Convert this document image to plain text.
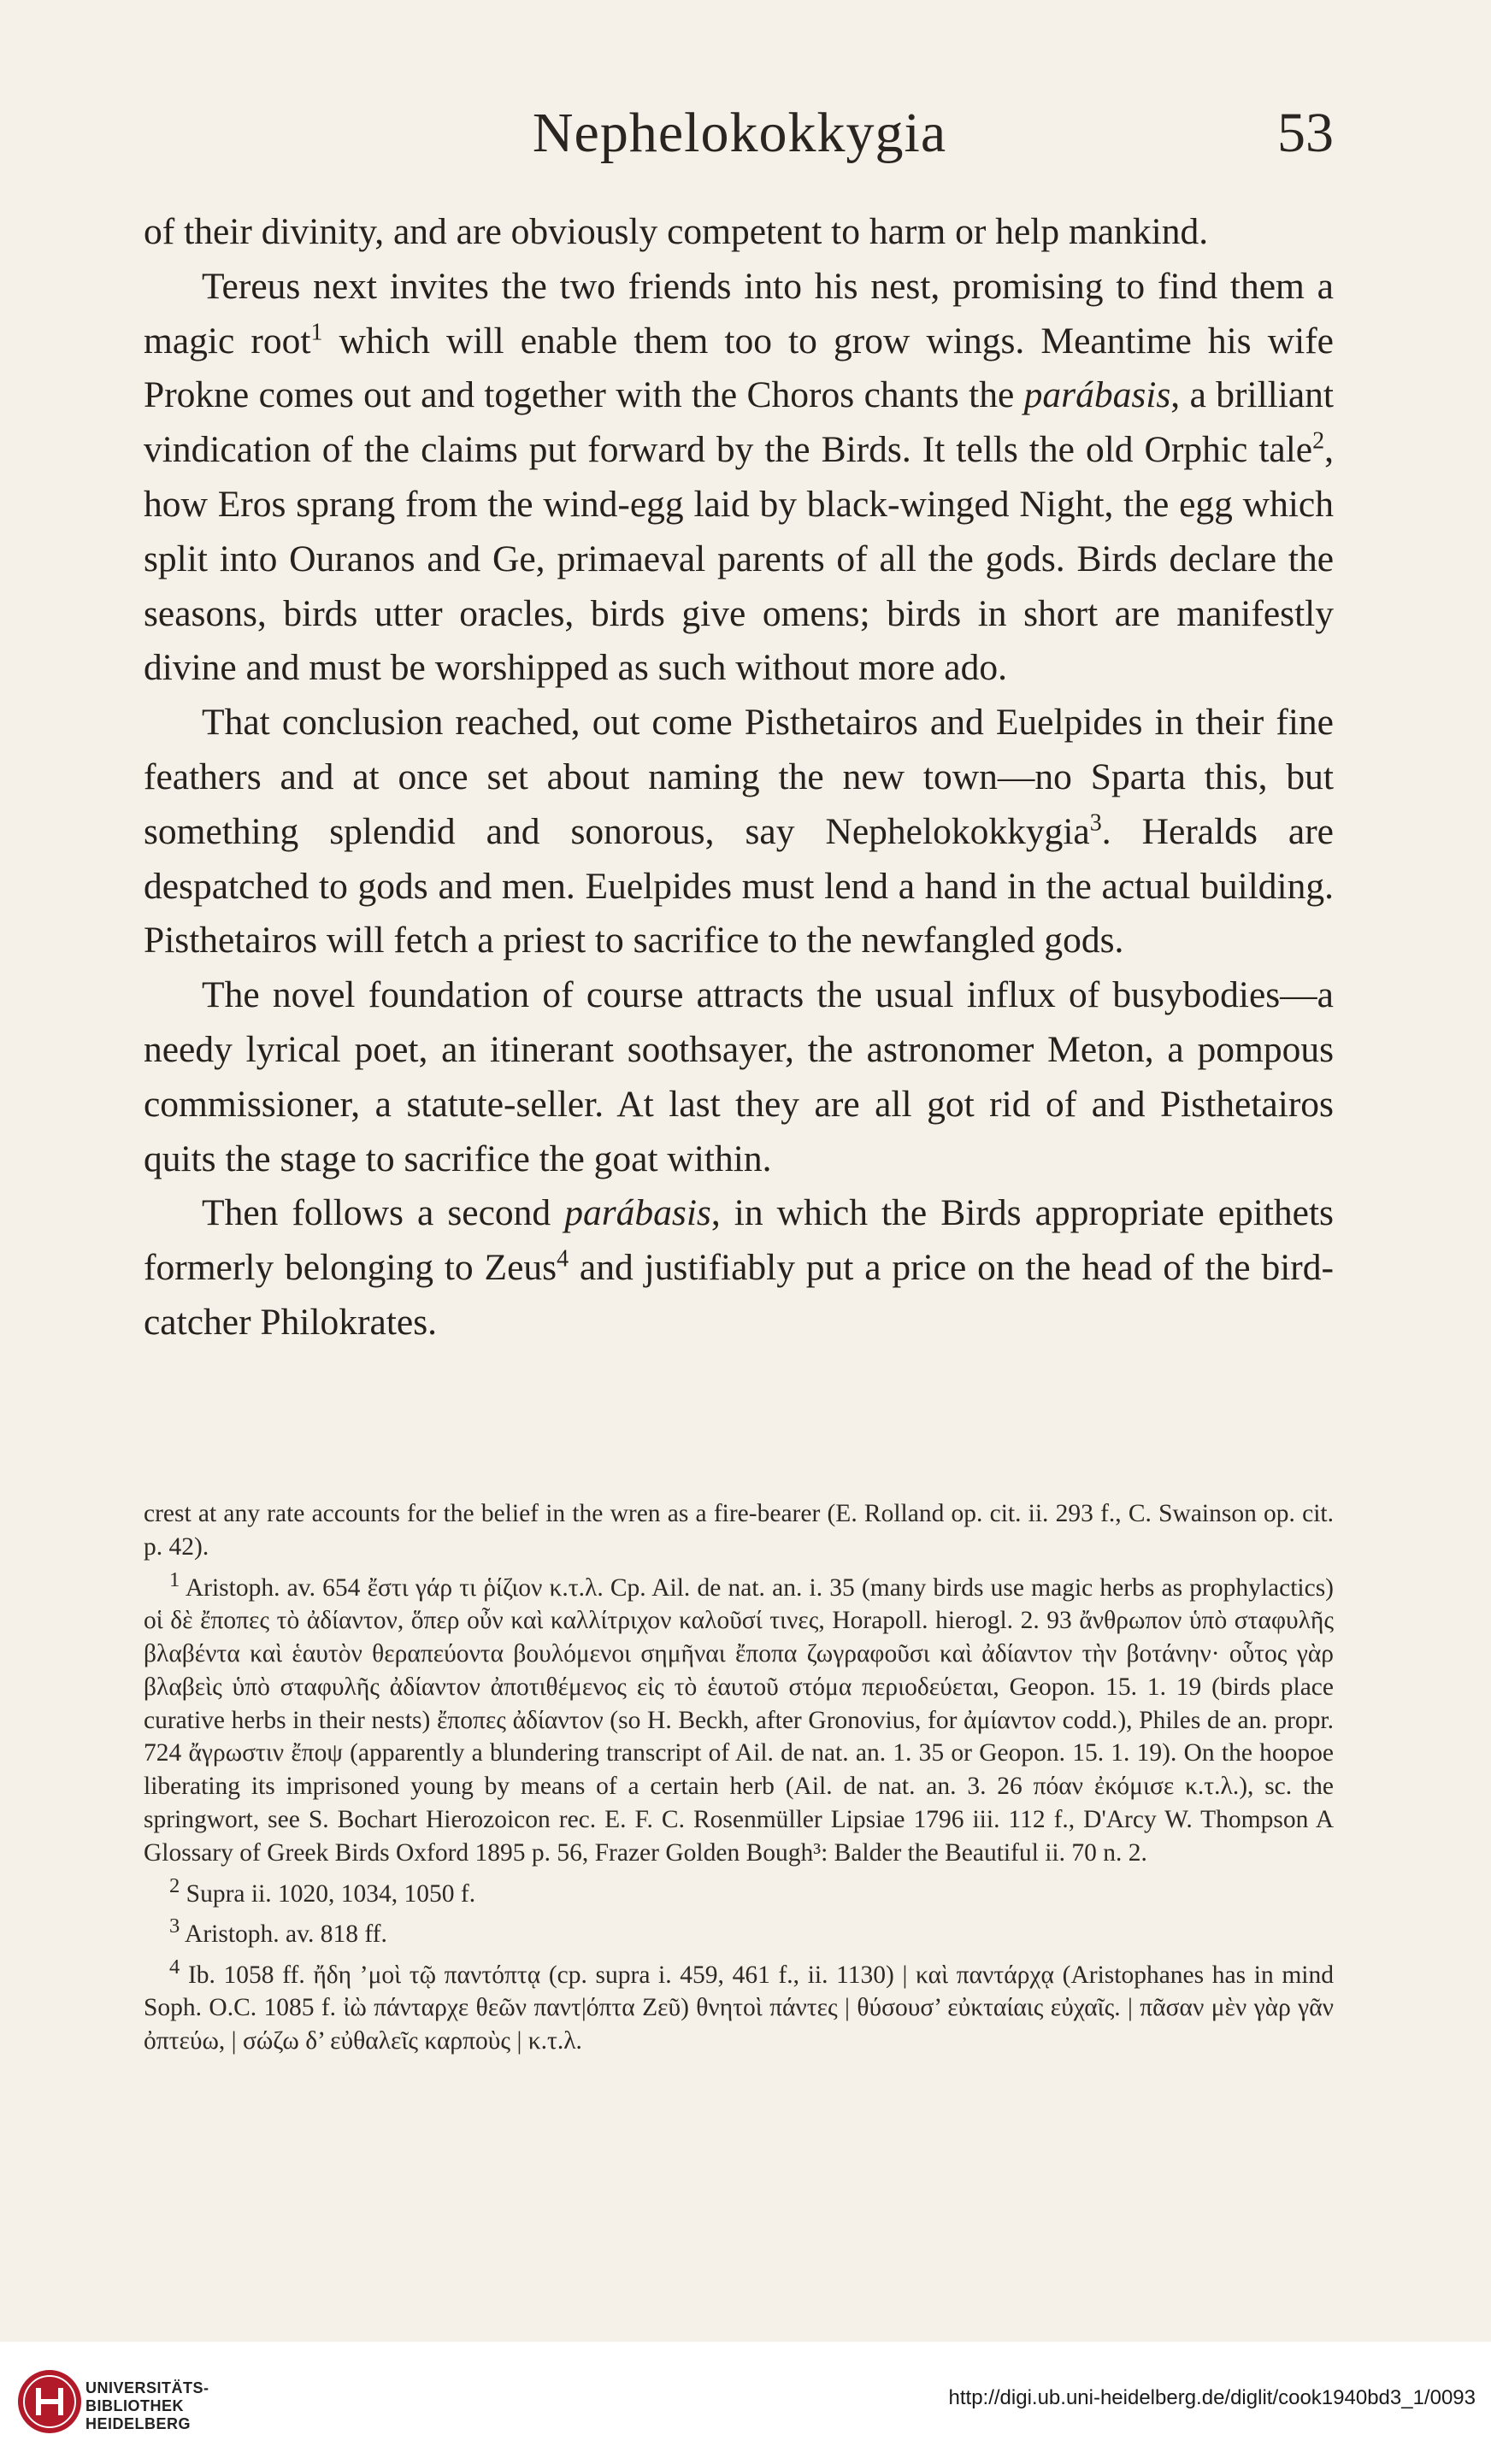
Nephelokokkygia	53

of their divinity, and are obviously competent to harm or help mankind.

Tereus next invites the two friends into his nest, promising to find them a magic root$^1$ which will enable them too to grow wings. Meantime his wife Prokne comes out and together with the Choros chants the parábasis, a brilliant vindication of the claims put forward by the Birds. It tells the old Orphic tale$^2$, how Eros sprang from the wind-egg laid by black-winged Night, the egg which split into Ouranos and Ge, primaeval parents of all the gods. Birds declare the seasons, birds utter oracles, birds give omens; birds in short are manifestly divine and must be worshipped as such without more ado.

That conclusion reached, out come Pisthetairos and Euelpides in their fine feathers and at once set about naming the new town—no Sparta this, but something splendid and sonorous, say Nephelokokkygia$^3$. Heralds are despatched to gods and men. Euelpides must lend a hand in the actual building. Pisthetairos will fetch a priest to sacrifice to the newfangled gods.

The novel foundation of course attracts the usual influx of busybodies—a needy lyrical poet, an itinerant soothsayer, the astronomer Meton, a pompous commissioner, a statute-seller. At last they are all got rid of and Pisthetairos quits the stage to sacrifice the goat within.

Then follows a second parábasis, in which the Birds appropriate epithets formerly belonging to Zeus$^4$ and justifiably put a price on the head of the bird-catcher Philokrates.

crest at any rate accounts for the belief in the wren as a fire-bearer (E. Rolland op. cit. ii. 293 f., C. Swainson op. cit. p. 42).

$^1$ Aristoph. av. 654 ἔστι γάρ τι ῥίζιον κ.τ.λ. Cp. Ail. de nat. an. i. 35 (many birds use magic herbs as prophylactics) οἱ δὲ ἔποπες τὸ ἀδίαντον, ὅπερ οὖν καὶ καλλίτριχον καλοῦσί τινες, Horapoll. hierogl. 2. 93 ἄνθρωπον ὑπὸ σταφυλῆς βλαβέντα καὶ ἑαυτὸν θεραπεύοντα βουλόμενοι σημῆναι ἔποπα ζωγραφοῦσι καὶ ἀδίαντον τὴν βοτάνην· οὗτος γὰρ βλαβεὶς ὑπὸ σταφυλῆς ἀδίαντον ἀποτιθέμενος εἰς τὸ ἑαυτοῦ στόμα περιοδεύεται, Geopon. 15. 1. 19 (birds place curative herbs in their nests) ἔποπες ἀδίαντον (so H. Beckh, after Gronovius, for ἀμίαντον codd.), Philes de an. propr. 724 ἄγρωστιν ἔποψ (apparently a blundering transcript of Ail. de nat. an. 1. 35 or Geopon. 15. 1. 19). On the hoopoe liberating its imprisoned young by means of a certain herb (Ail. de nat. an. 3. 26 πόαν ἐκόμισε κ.τ.λ.), sc. the springwort, see S. Bochart Hierozoicon rec. E. F. C. Rosenmüller Lipsiae 1796 iii. 112 f., D'Arcy W. Thompson A Glossary of Greek Birds Oxford 1895 p. 56, Frazer Golden Bough³: Balder the Beautiful ii. 70 n. 2.

$^2$ Supra ii. 1020, 1034, 1050 f.

$^3$ Aristoph. av. 818 ff.

$^4$ Ib. 1058 ff. ἤδη ’μοὶ τῷ παντόπτᾳ (cp. supra i. 459, 461 f., ii. 1130) | καὶ παντάρχᾳ (Aristophanes has in mind Soph. O.C. 1085 f. ἰὼ πάνταρχε θεῶν παντ|όπτα Ζεῦ) θνητοὶ πάντες | θύσουσ’ εὐκταίαις εὐχαῖς. | πᾶσαν μὲν γὰρ γᾶν ὀπτεύω, | σώζω δ’ εὐθαλεῖς καρποὺς | κ.τ.λ.

UNIVERSITÄTS-
BIBLIOTHEK
HEIDELBERG
http://digi.ub.uni-heidelberg.de/diglit/cook1940bd3_1/0093
